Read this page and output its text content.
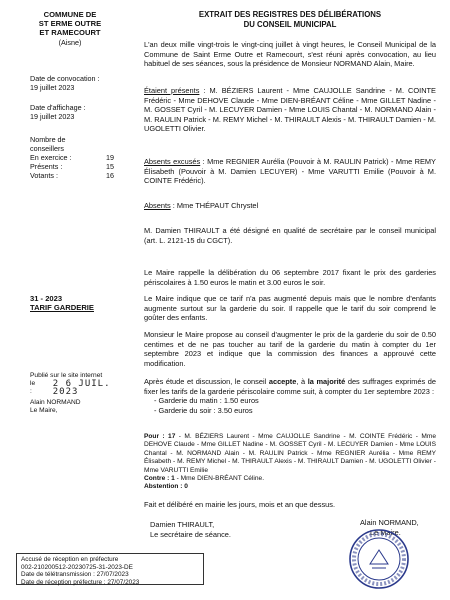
COMMUNE DE
ST ERME OUTRE
ET RAMECOURT
(Aisne)
Date de convocation :
19 juillet 2023
Date d'affichage :
19 juillet 2023
Nombre de
conseillers
En exercice :	19
Présents :	15
Votants :	16
31 - 2023
TARIF GARDERIE
Publié sur le site internet
le :
2 6 JUIL. 2023
Alain NORMAND
Le Maire,
EXTRAIT DES REGISTRES DES DÉLIBÉRATIONS
DU CONSEIL MUNICIPAL

L'an deux mille vingt-trois le vingt-cinq juillet à vingt heures, le Conseil Municipal de la Commune de Saint Erme Outre et Ramecourt, s'est réuni après convocation, au lieu habituel de ses séances, sous la présidence de Monsieur NORMAND Alain, Maire.

Étaient présents : M. BÉZIERS Laurent - Mme CAUJOLLE Sandrine - M. COINTE Frédéric - Mme DEHOVE Claude - Mme DIEN-BRÉANT Céline - Mme GILLET Nadine - M. GOSSET Cyril - M. LECUYER Damien - Mme LOUIS Chantal - M. NORMAND Alain - M. RAULIN Patrick - M. REMY Michel - M. THIRAULT Alexis - M. THIRAULT Damien - M. UGOLETTI Olivier.

Absents excusés : Mme REGNIER Aurélia (Pouvoir à M. RAULIN Patrick) - Mme REMY Élisabeth (Pouvoir à M. Damien LECUYER) - Mme VARUTTI Emilie (Pouvoir à M. COINTE Frédéric).

Absents : Mme THÉPAUT Chrystel

M. Damien THIRAULT a été désigné en qualité de secrétaire par le conseil municipal (art. L. 2121-15 du CGCT).

Le Maire rappelle la délibération du 06 septembre 2017 fixant le prix des garderies périscolaires à 1.50 euros le matin et 3.00 euros le soir.

Le Maire indique que ce tarif n'a pas augmenté depuis mais que le nombre d'enfants augmente surtout sur la garderie du soir. Il rappelle que le tarif du soir comprend le goûter des enfants.

Monsieur le Maire propose au conseil d'augmenter le prix de la garderie du soir de 0.50 centimes et de ne pas toucher au tarif de la garderie du matin à compter du 1er septembre 2023 et indique que la commission des finances a approuvé cette modification.

Après étude et discussion, le conseil accepte, à la majorité des suffrages exprimés de fixer les tarifs de la garderie périscolaire comme suit, à compter du 1er septembre 2023 :

- Garderie du matin : 1.50 euros
- Garderie du soir : 3.50 euros

Pour : 17 - M. BÉZIERS Laurent - Mme CAUJOLLE Sandrine - M. COINTE Frédéric - Mme DEHOVE Claude - Mme GILLET Nadine - M. GOSSET Cyril - M. LECUYER Damien - Mme LOUIS Chantal - M. NORMAND Alain - M. RAULIN Patrick - Mme REGNIER Aurélia - Mme REMY Élisabeth - M. REMY Michel - M. THIRAULT Alexis - M. THIRAULT Damien - M. UGOLETTI Olivier - Mme VARUTTI Emilie

Contre : 1 - Mme DIEN-BRÉANT Céline.

Abstention : 0

Fait et délibéré en mairie les jours, mois et an que dessus.

Damien THIRAULT,
Le secrétaire de séance.
Alain NORMAND,
Le Maire.
Accusé de réception en préfecture
002-210200512-20230725-31-2023-DE
Date de télétransmission : 27/07/2023
Date de réception préfecture : 27/07/2023
